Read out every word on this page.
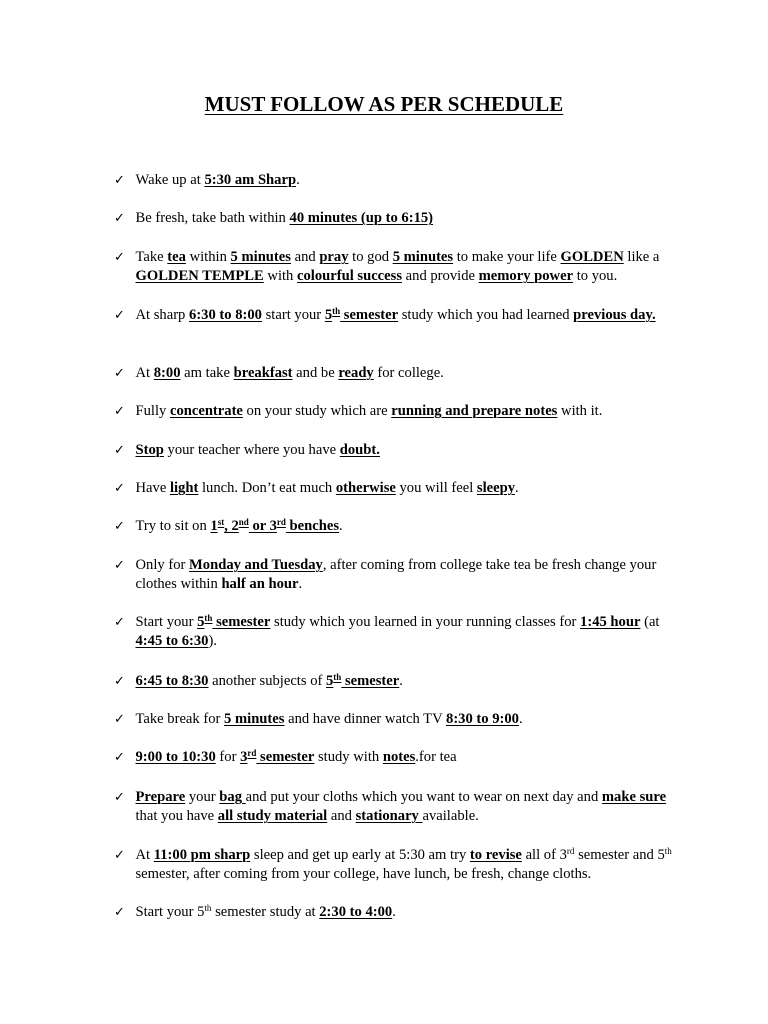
MUST FOLLOW AS PER SCHEDULE
✓ Wake up at 5:30 am Sharp.
✓ Be fresh, take bath within 40 minutes (up to 6:15)
✓ Take tea within 5 minutes and pray to god 5 minutes to make your life GOLDEN like a GOLDEN TEMPLE with colourful success and provide memory power to you.
✓ At sharp 6:30 to 8:00 start your 5th semester study which you had learned previous day.
✓ At 8:00 am take breakfast and be ready for college.
✓ Fully concentrate on your study which are running and prepare notes with it.
✓ Stop your teacher where you have doubt.
✓ Have light lunch. Don’t eat much otherwise you will feel sleepy.
✓ Try to sit on 1st, 2nd or 3rd benches.
✓ Only for Monday and Tuesday, after coming from college take tea be fresh change your clothes within half an hour.
✓ Start your 5th semester study which you learned in your running classes for 1:45 hour (at 4:45 to 6:30).
✓ 6:45 to 8:30 another subjects of 5th semester.
✓ Take break for 5 minutes and have dinner watch TV 8:30 to 9:00.
✓ 9:00 to 10:30 for 3rd semester study with notes.for tea
✓ Prepare your bag and put your cloths which you want to wear on next day and make sure that you have all study material and stationary available.
✓ At 11:00 pm sharp sleep and get up early at 5:30 am try to revise all of 3rd semester and 5th semester, after coming from your college, have lunch, be fresh, change cloths.
✓ Start your 5th semester study at 2:30 to 4:00.
